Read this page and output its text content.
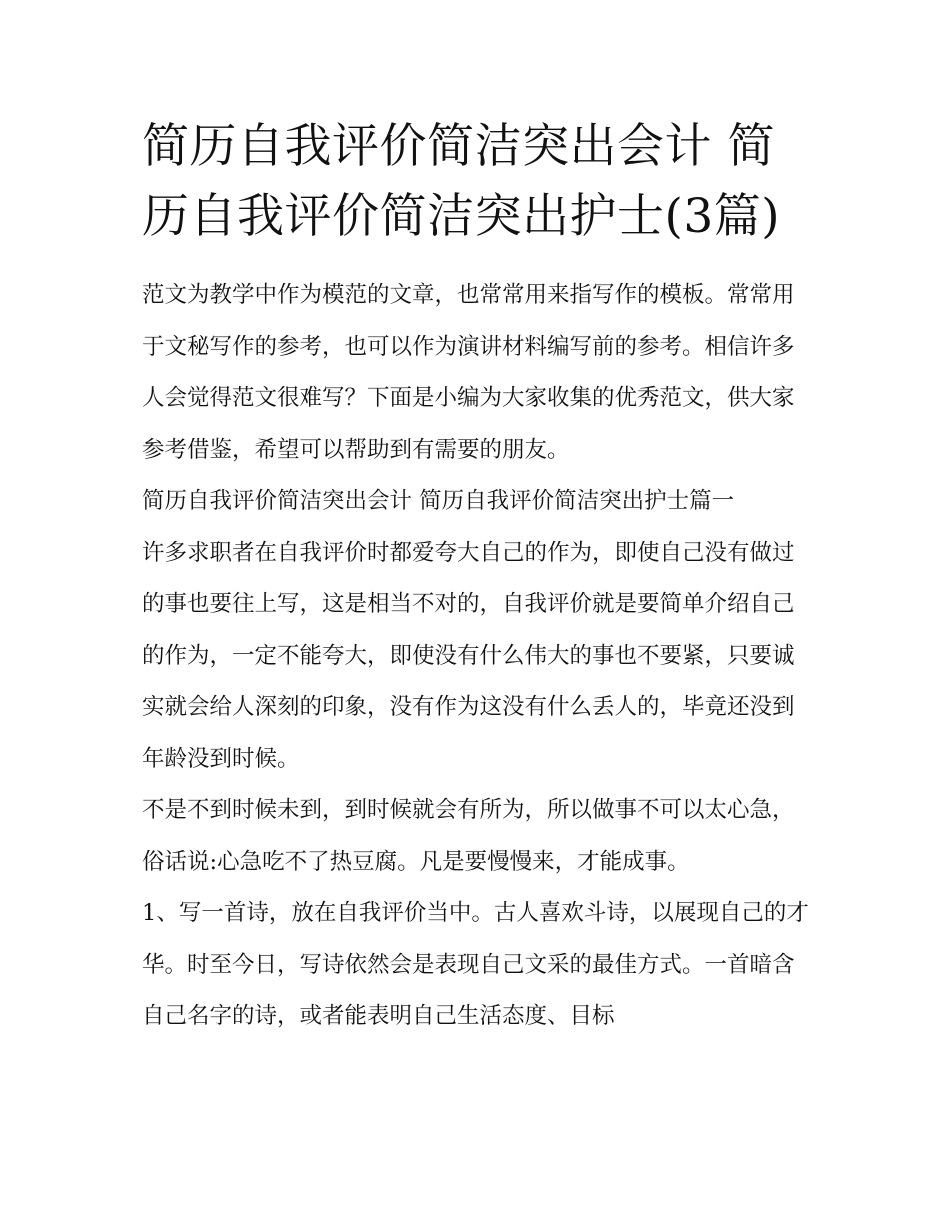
简历自我评价简洁突出会计 简历自我评价简洁突出护士(3篇)

范文为教学中作为模范的文章，也常常用来指写作的模板。常常用于文秘写作的参考，也可以作为演讲材料编写前的参考。相信许多人会觉得范文很难写？下面是小编为大家收集的优秀范文，供大家参考借鉴，希望可以帮助到有需要的朋友。

简历自我评价简洁突出会计 简历自我评价简洁突出护士篇一

许多求职者在自我评价时都爱夸大自己的作为，即使自己没有做过的事也要往上写，这是相当不对的，自我评价就是要简单介绍自己的作为，一定不能夸大，即使没有什么伟大的事也不要紧，只要诚实就会给人深刻的印象，没有作为这没有什么丢人的，毕竟还没到年龄没到时候。

不是不到时候未到，到时候就会有所为，所以做事不可以太心急，俗话说:心急吃不了热豆腐。凡是要慢慢来，才能成事。

1、写一首诗，放在自我评价当中。古人喜欢斗诗，以展现自己的才华。时至今日，写诗依然会是表现自己文采的最佳方式。一首暗含自己名字的诗，或者能表明自己生活态度、目标
